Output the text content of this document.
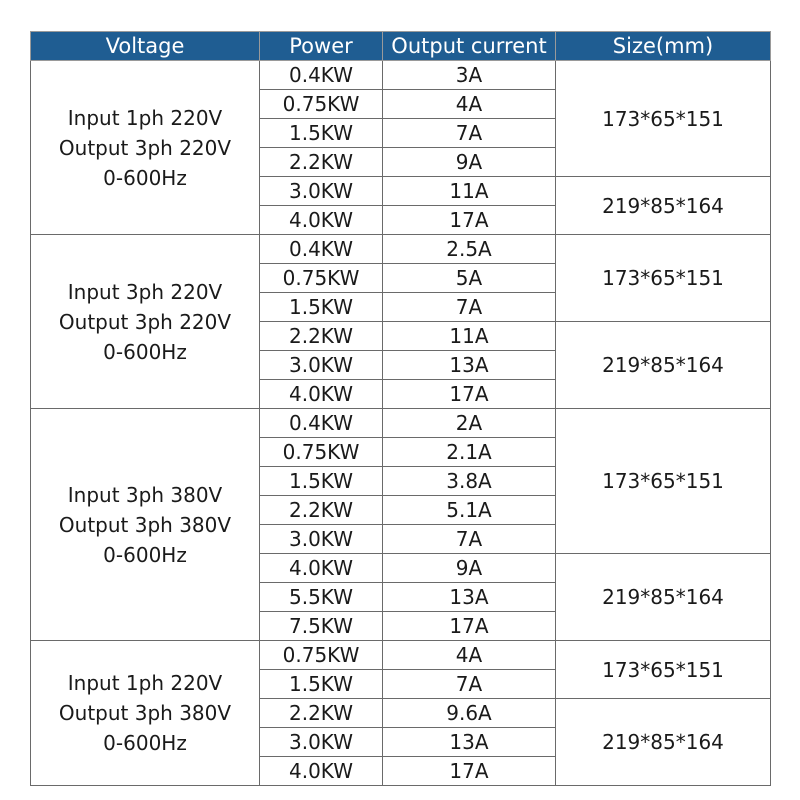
Voltage	Power	Output current	Size(mm)

Input 1ph 220V
Output 3ph 220V
0-600Hz	0.4KW	3A	173*65*151
	0.75KW	4A	
	1.5KW	7A	
	2.2KW	9A	
	3.0KW	11A	219*85*164
	4.0KW	17A	

Input 3ph 220V
Output 3ph 220V
0-600Hz	0.4KW	2.5A	173*65*151
	0.75KW	5A	
	1.5KW	7A	
	2.2KW	11A	219*85*164
	3.0KW	13A	
	4.0KW	17A	

Input 3ph 380V
Output 3ph 380V
0-600Hz	0.4KW	2A	173*65*151
	0.75KW	2.1A	
	1.5KW	3.8A	
	2.2KW	5.1A	
	3.0KW	7A	
	4.0KW	9A	219*85*164
	5.5KW	13A	
	7.5KW	17A	

Input 1ph 220V
Output 3ph 380V
0-600Hz	0.75KW	4A	173*65*151
	1.5KW	7A	
	2.2KW	9.6A	219*85*164
	3.0KW	13A	
	4.0KW	17A	
